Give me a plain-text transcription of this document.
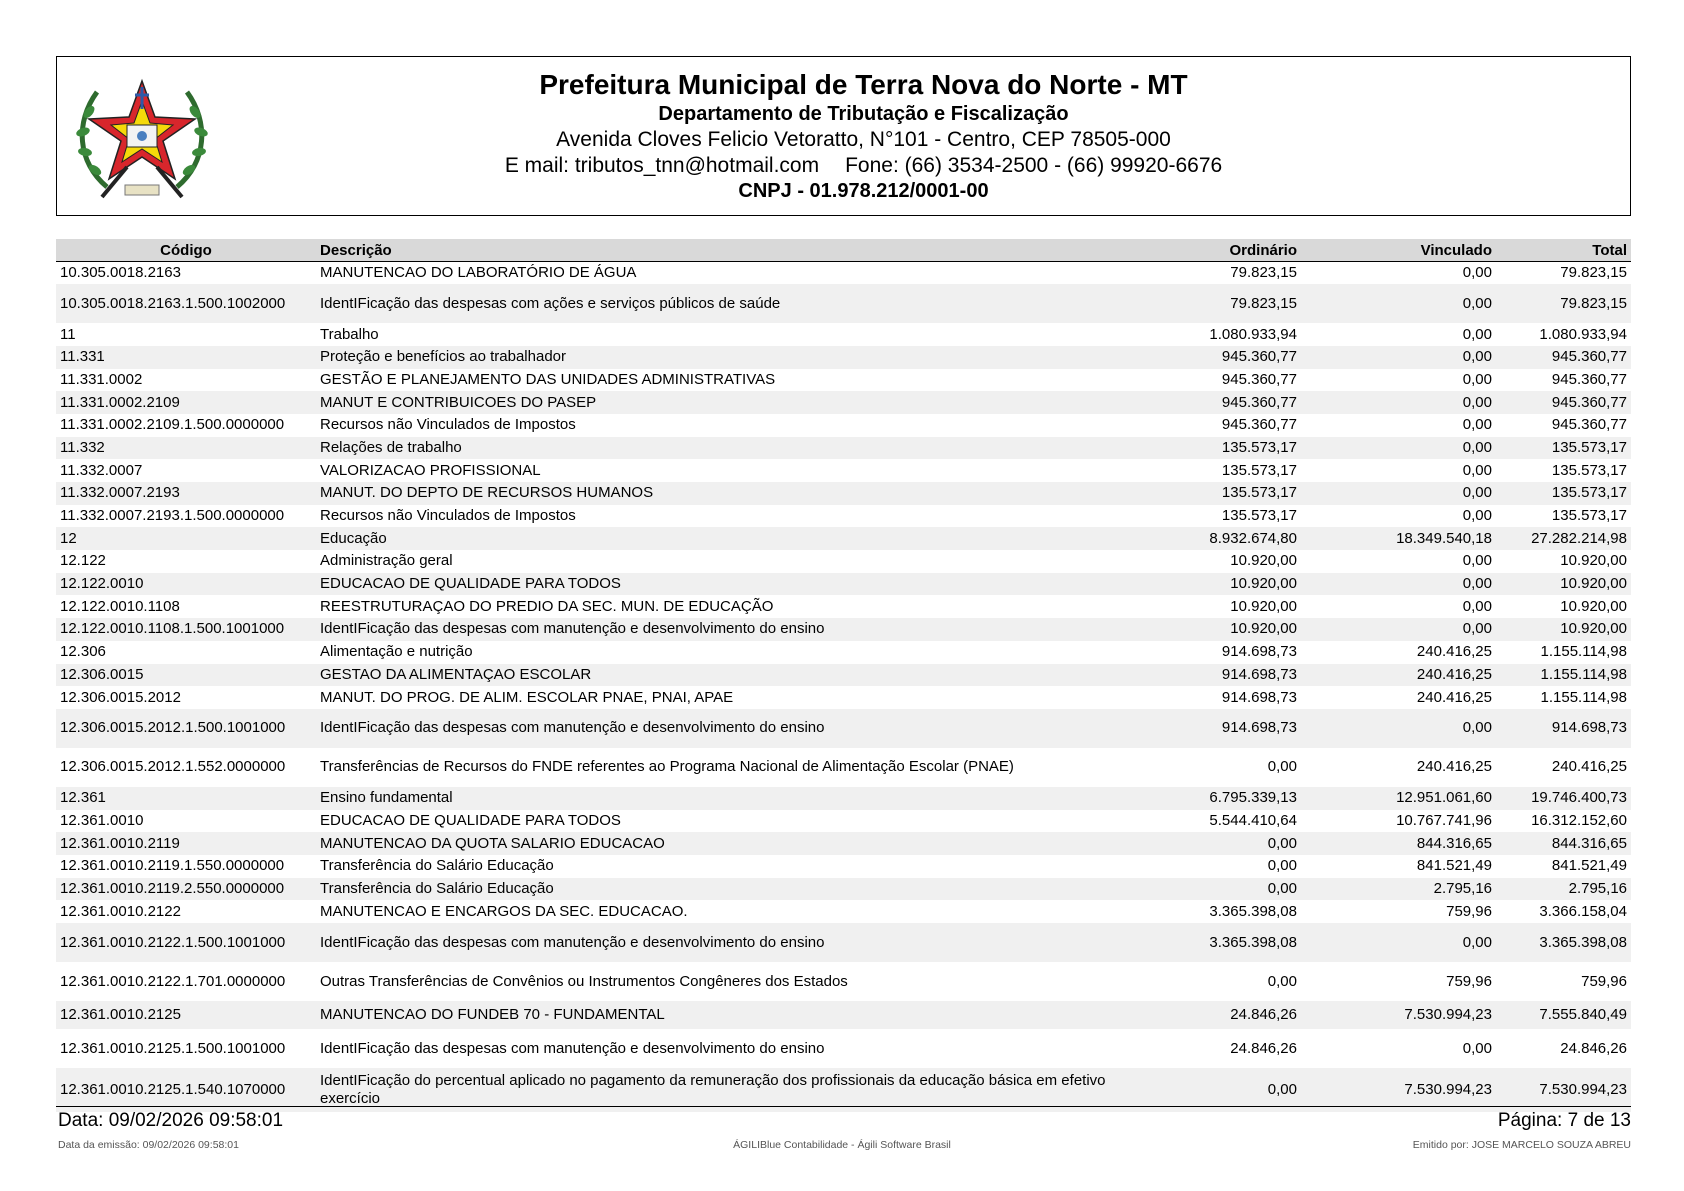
Prefeitura Municipal de Terra Nova do Norte - MT
Departamento de Tributação e Fiscalização
Avenida Cloves Felicio Vetoratto, N°101 - Centro, CEP 78505-000
E mail: tributos_tnn@hotmail.com Fone: (66) 3534-2500 - (66) 99920-6676
CNPJ - 01.978.212/0001-00
Código	Descrição	Ordinário	Vinculado	Total
10.305.0018.2163	MANUTENCAO DO LABORATÓRIO DE ÁGUA	79.823,15	0,00	79.823,15
10.305.0018.2163.1.500.1002000	IdentIFicação das despesas com ações e serviços públicos de saúde	79.823,15	0,00	79.823,15
11	Trabalho	1.080.933,94	0,00	1.080.933,94
11.331	Proteção e benefícios ao trabalhador	945.360,77	0,00	945.360,77
11.331.0002	GESTÃO E PLANEJAMENTO DAS UNIDADES ADMINISTRATIVAS	945.360,77	0,00	945.360,77
11.331.0002.2109	MANUT E CONTRIBUICOES DO PASEP	945.360,77	0,00	945.360,77
11.331.0002.2109.1.500.0000000	Recursos não Vinculados de Impostos	945.360,77	0,00	945.360,77
11.332	Relações de trabalho	135.573,17	0,00	135.573,17
11.332.0007	VALORIZACAO PROFISSIONAL	135.573,17	0,00	135.573,17
11.332.0007.2193	MANUT. DO DEPTO DE RECURSOS HUMANOS	135.573,17	0,00	135.573,17
11.332.0007.2193.1.500.0000000	Recursos não Vinculados de Impostos	135.573,17	0,00	135.573,17
12	Educação	8.932.674,80	18.349.540,18	27.282.214,98
12.122	Administração geral	10.920,00	0,00	10.920,00
12.122.0010	EDUCACAO DE QUALIDADE PARA TODOS	10.920,00	0,00	10.920,00
12.122.0010.1108	REESTRUTURAÇAO DO PREDIO DA SEC. MUN. DE EDUCAÇÃO	10.920,00	0,00	10.920,00
12.122.0010.1108.1.500.1001000	IdentIFicação das despesas com manutenção e desenvolvimento do ensino	10.920,00	0,00	10.920,00
12.306	Alimentação e nutrição	914.698,73	240.416,25	1.155.114,98
12.306.0015	GESTAO DA ALIMENTAÇAO ESCOLAR	914.698,73	240.416,25	1.155.114,98
12.306.0015.2012	MANUT. DO PROG. DE ALIM. ESCOLAR PNAE, PNAI, APAE	914.698,73	240.416,25	1.155.114,98
12.306.0015.2012.1.500.1001000	IdentIFicação das despesas com manutenção e desenvolvimento do ensino	914.698,73	0,00	914.698,73
12.306.0015.2012.1.552.0000000	Transferências de Recursos do FNDE referentes ao Programa Nacional de Alimentação Escolar (PNAE)	0,00	240.416,25	240.416,25
12.361	Ensino fundamental	6.795.339,13	12.951.061,60	19.746.400,73
12.361.0010	EDUCACAO DE QUALIDADE PARA TODOS	5.544.410,64	10.767.741,96	16.312.152,60
12.361.0010.2119	MANUTENCAO DA QUOTA SALARIO EDUCACAO	0,00	844.316,65	844.316,65
12.361.0010.2119.1.550.0000000	Transferência do Salário Educação	0,00	841.521,49	841.521,49
12.361.0010.2119.2.550.0000000	Transferência do Salário Educação	0,00	2.795,16	2.795,16
12.361.0010.2122	MANUTENCAO E ENCARGOS DA SEC. EDUCACAO.	3.365.398,08	759,96	3.366.158,04
12.361.0010.2122.1.500.1001000	IdentIFicação das despesas com manutenção e desenvolvimento do ensino	3.365.398,08	0,00	3.365.398,08
12.361.0010.2122.1.701.0000000	Outras Transferências de Convênios ou Instrumentos Congêneres dos Estados	0,00	759,96	759,96
12.361.0010.2125	MANUTENCAO DO FUNDEB 70 - FUNDAMENTAL	24.846,26	7.530.994,23	7.555.840,49
12.361.0010.2125.1.500.1001000	IdentIFicação das despesas com manutenção e desenvolvimento do ensino	24.846,26	0,00	24.846,26
12.361.0010.2125.1.540.1070000	IdentIFicação do percentual aplicado no pagamento da remuneração dos profissionais da educação básica em efetivo exercício	0,00	7.530.994,23	7.530.994,23
Data: 09/02/2026 09:58:01	Página: 7 de 13
Data da emissão: 09/02/2026 09:58:01	ÁGILIBlue Contabilidade - Ágili Software Brasil	Emitido por: JOSE MARCELO SOUZA ABREU
